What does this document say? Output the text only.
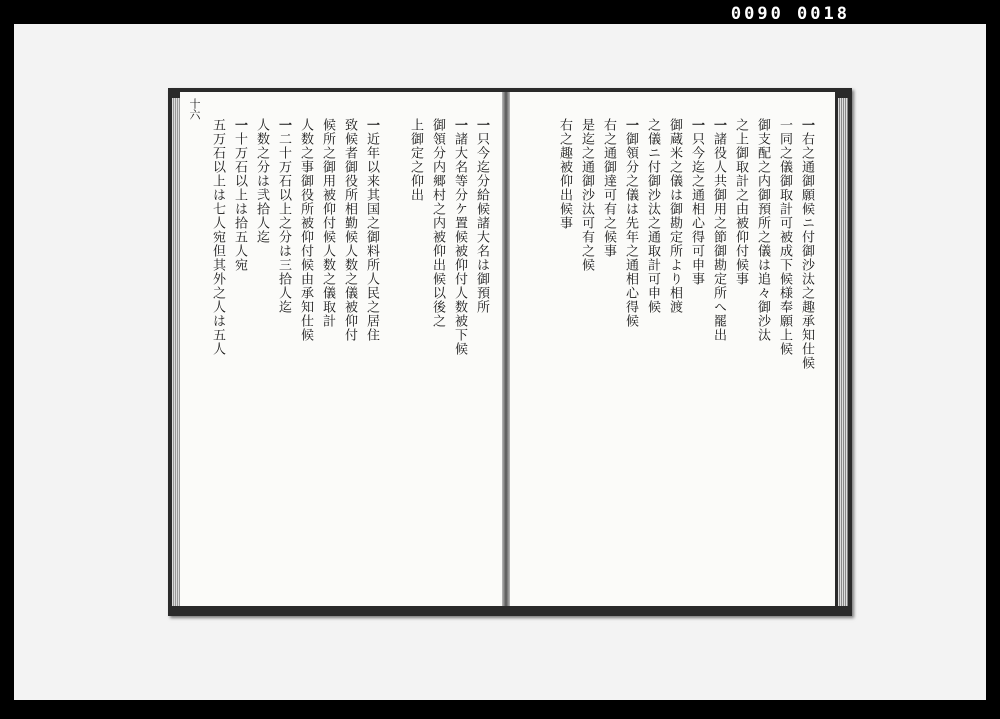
0090 0018
十六
一只今迄分給候諸大名は御預所
一諸大名等分ケ置候被仰付人数被下候
御領分内郷村之内被仰出候以後之
上御定之仰出
一近年以来其国之御料所人民之居住
致候者御役所相勤候人数之儀被仰付
候所之御用被仰付候人数之儀取計
人数之事御役所被仰付候由承知仕候
一二十万石以上之分は三拾人迄
人数之分は弐拾人迄
一十万石以上は拾五人宛
五万石以上は七人宛但其外之人は五人	一右之通御願候ニ付御沙汰之趣承知仕候
一同之儀御取計可被成下候様奉願上候
御支配之内御預所之儀は追々御沙汰
之上御取計之由被仰付候事
一諸役人共御用之節御勘定所へ罷出
一只今迄之通相心得可申事
御蔵米之儀は御勘定所より相渡
之儀ニ付御沙汰之通取計可申候
一御領分之儀は先年之通相心得候
右之通御達可有之候事
是迄之通御沙汰可有之候
右之趣被仰出候事
